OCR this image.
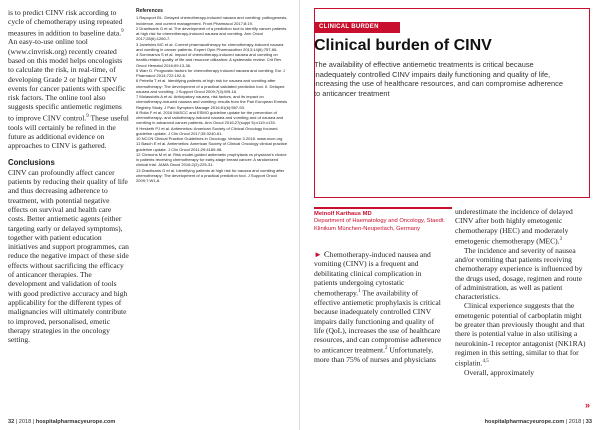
is to predict CINV risk according to cycle of chemotherapy using repeated measures in addition to baseline data.$^9$ An easy-to-use online tool (www.cinvrisk.org) recently created based on this model helps oncologists to calculate the risk, in real-time, of developing Grade 2 or higher CINV events for cancer patients with specific risk factors. The online tool also suggests specific antiemetic regimens to improve CINV control.$^9$ These useful tools will certainly be refined in the future as additional evidence on approaches to CINV is gathered.

Conclusions

CINV can profoundly affect cancer patients by reducing their quality of life and thus decreasing adherence to treatment, with potential negative effects on survival and health care costs. Better antiemetic agents (either targeting early or delayed symptoms), together with patient education initiatives and support programmes, can reduce the negative impact of these side effects without sacrificing the efficacy of anticancer therapies. The development and validation of tools with good predictive accuracy and high applicability for the different types of malignancies will ultimately contribute to improved, personalised, emetic therapy strategies in the oncology setting.

References

1 Rapoport BL. Delayed chemotherapy-induced nausea and vomiting: pathogenesis, incidence, and current management. Front Pharmacol 2017;8:19.

2 Dranitsaris G et al. The development of a prediction tool to identify cancer patients at high risk for chemotherapy-induced nausea and vomiting. Ann Oncol 2017;28(6):1260-7.

3 Janelsins MC et al. Current pharmacotherapy for chemotherapy-induced nausea and vomiting in cancer patients. Expert Opin Pharmacother 2013;14(6):757-66.

4 Sommariva S et al. Impact of chemotherapy-induced nausea and vomiting on health-related quality of life and resource utilization: A systematic review. Crit Rev Oncol Hematol 2016;99:13-36.

5 Warr D. Prognostic factors for chemotherapy induced nausea and vomiting. Eur J Pharmacol 2014;722:192-6.

6 Petrella T et al. Identifying patients at high risk for nausea and vomiting after chemotherapy: The development of a practical validated prediction tool. II. Delayed nausea and vomiting. J Support Oncol 2009;7(4):W9-16.

7 Molassiotis A et al. Anticipatory nausea, risk factors, and its impact on chemotherapy-induced nausea and vomiting: results from the Pan European Emesis Registry Study. J Pain Symptom Manage 2016;51(6):987-93.

8 Roila F et al. 2016 MASCC and ESMO guideline update for the prevention of chemotherapy- and radiotherapy-induced nausea and vomiting and of nausea and vomiting in advanced cancer patients. Ann Oncol 2016;27(suppl 5):v119-v133.

9 Hesketh PJ et al. Antiemetics: American Society of Clinical Oncology focused guideline update. J Clin Oncol 2017;35:3240-61.

10 NCCN Clinical Practice Guidelines in Oncology. Version 3.2018. www.nccn.org

11 Basch E et al. Antiemetics: American Society of Clinical Oncology clinical practice guideline update. J Clin Oncol 2011;29:4189-98.

12 Clemons M et al. Risk model-guided antiemetic prophylaxis vs physician's choice in patients receiving chemotherapy for early-stage breast cancer: A randomized clinical trial. JAMA Oncol 2016;2(2):225-31.

13 Dranitsaris G et al. Identifying patients at high risk for nausea and vomiting after chemotherapy: The development of a practical prediction tool. J Support Oncol 2009;7:W1-8.

32 | 2018 | hospitalpharmacyeurope.com
CLINICAL BURDEN
Clinical burden of CINV
The availability of effective antiemetic treatments is critical because inadequately controlled CINV impairs daily functioning and quality of life, increasing the use of healthcare resources, and can compromise adherence to anticancer treatment
Meinolf Karthaus MD
Department of Haematology and Oncology, Staedt. Klinikum München-Neuperlach, Germany

► Chemotherapy-induced nausea and vomiting (CINV) is a frequent and debilitating clinical complication in patients undergoing cytostatic chemotherapy.$^1$ The availability of effective antiemetic prophylaxis is critical because inadequately controlled CINV impairs daily functioning and quality of life (QoL), increases the use of healthcare resources, and can compromise adherence to anticancer treatment.$^2$ Unfortunately, more than 75% of nurses and physicians

underestimate the incidence of delayed CINV after both highly emetogenic chemotherapy (HEC) and moderately emetogenic chemotherapy (MEC).$^3$

The incidence and severity of nausea and/or vomiting that patients receiving chemotherapy experience is influenced by the drugs used, dosage, regimen and route of administration, as well as patient characteristics.

Clinical experience suggests that the emetogenic potential of carboplatin might be greater than previously thought and that there is potential value in also utilising a neurokinin-1 receptor antagonist (NK1RA) regimen in this setting, similar to that for cisplatin.$^{4,5}$

Overall, approximately

»
hospitalpharmacyeurope.com | 2018 | 33
